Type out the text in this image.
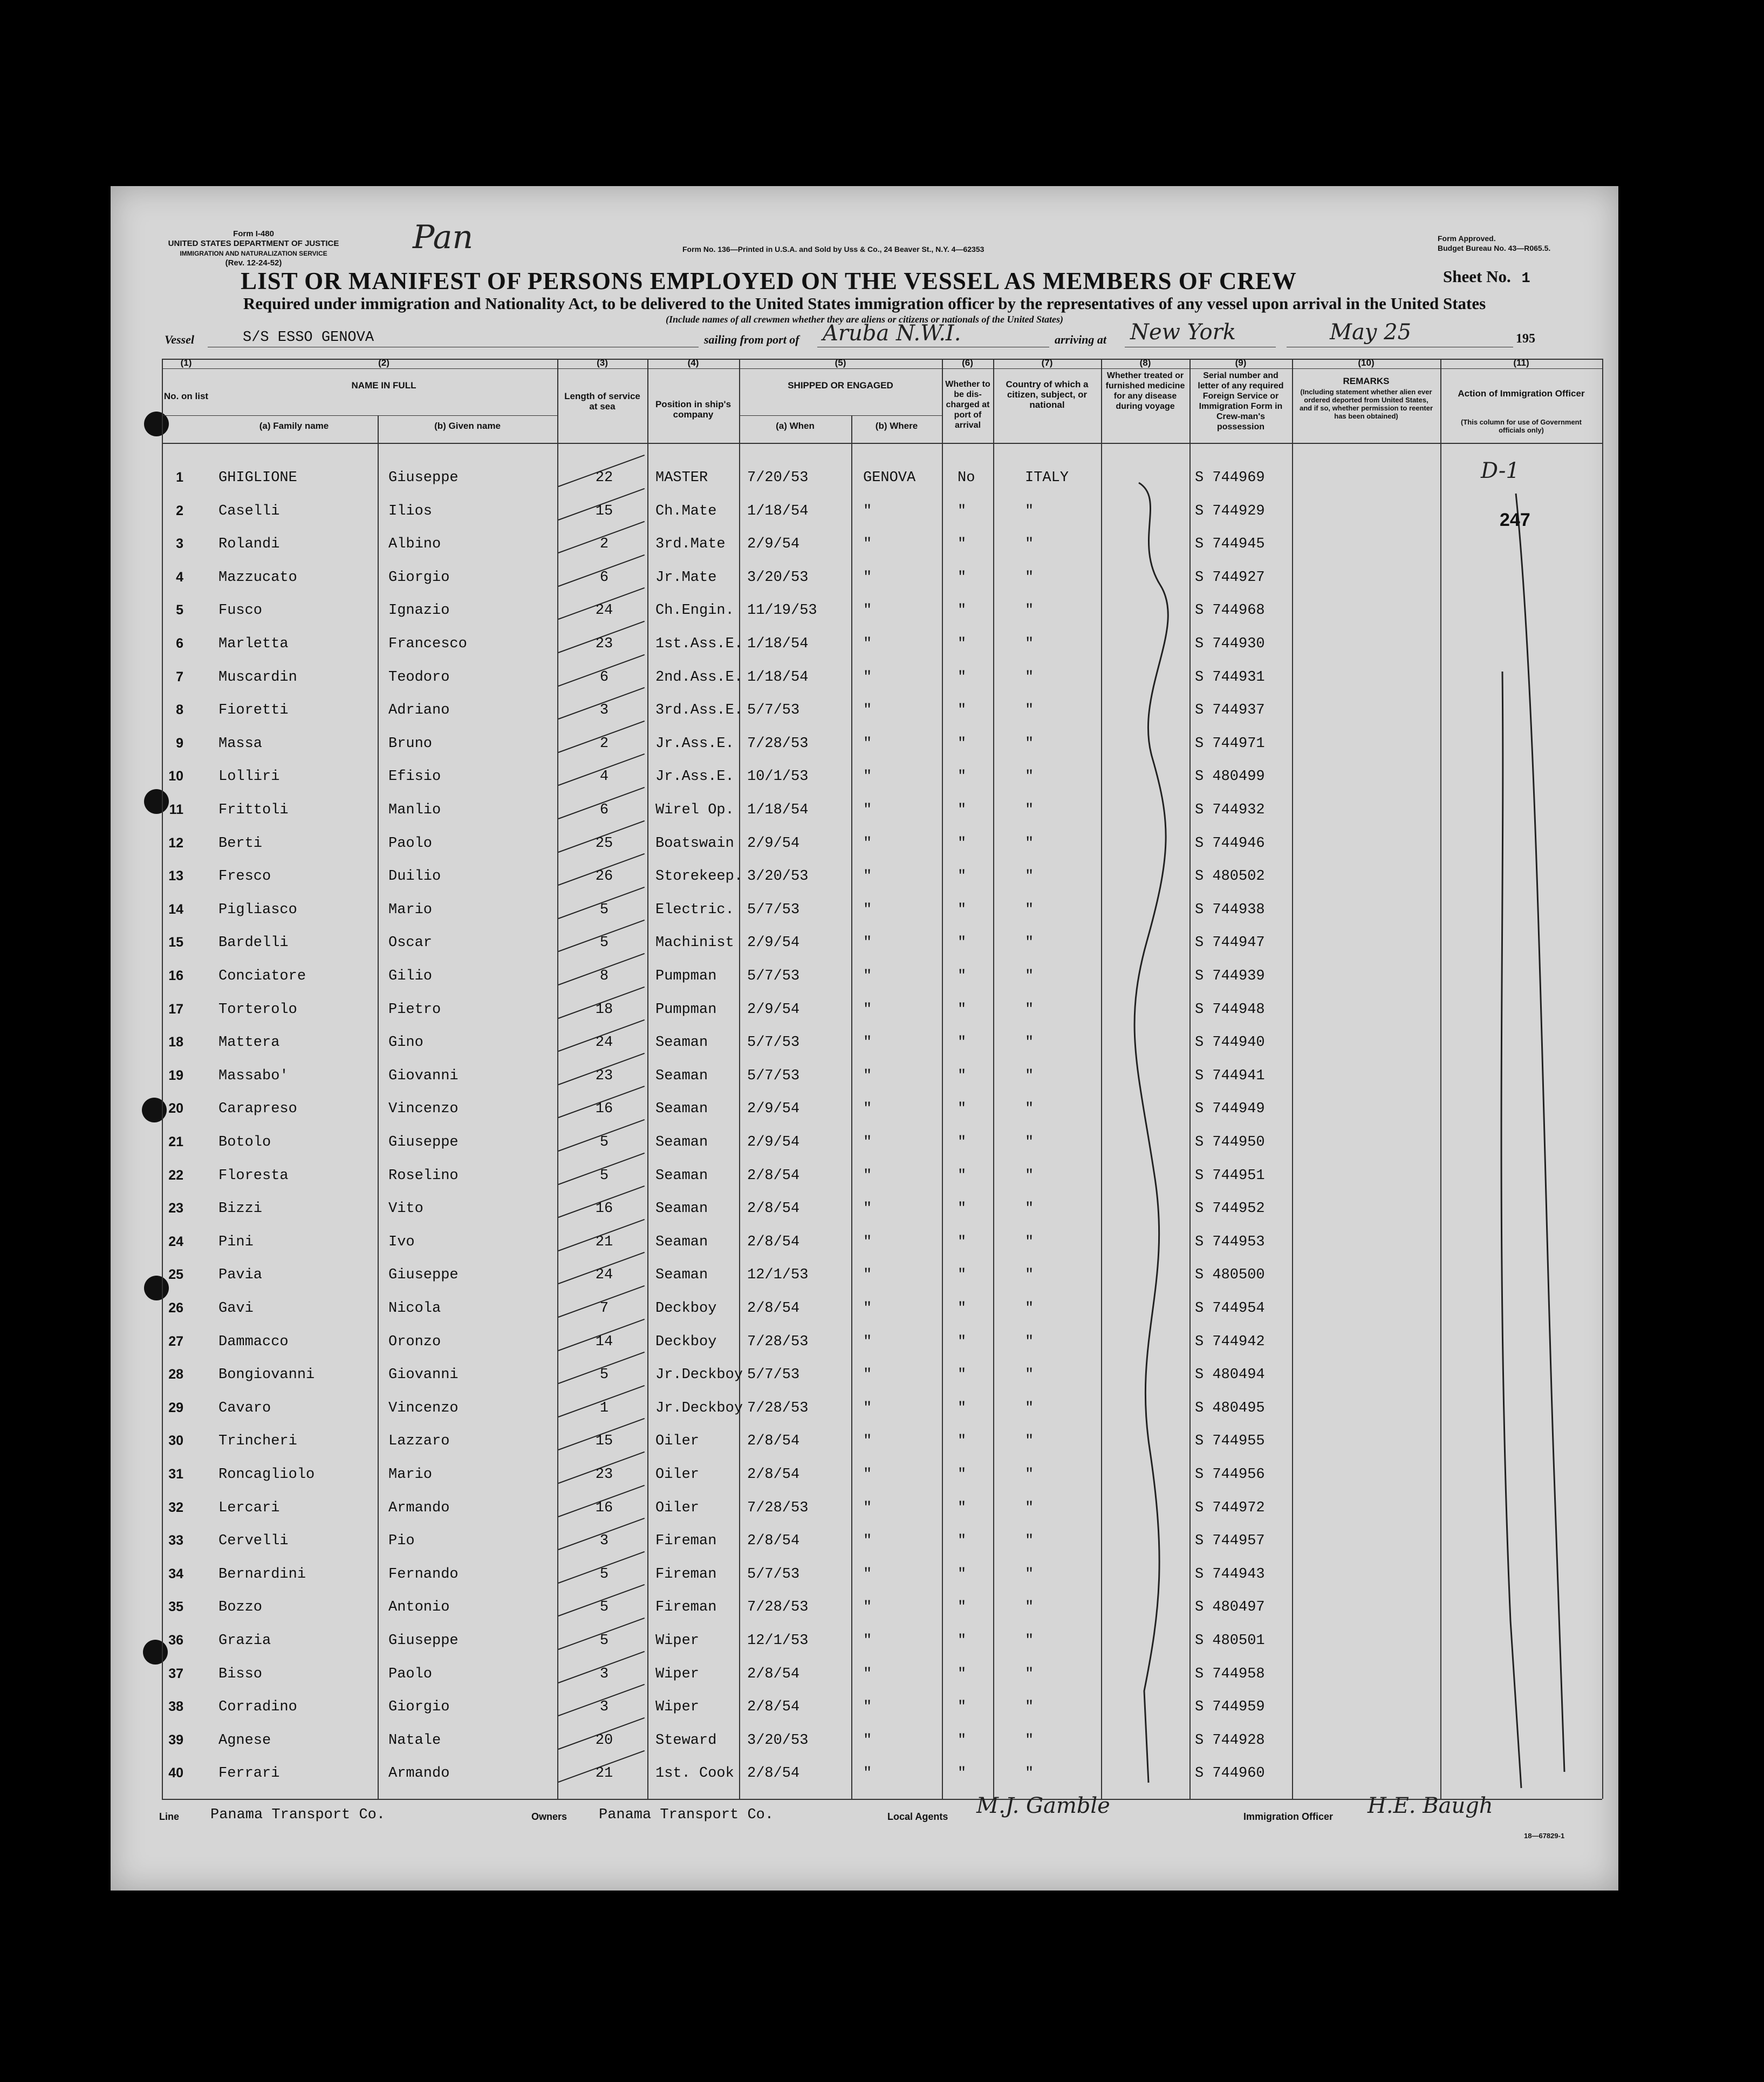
Form I-480
UNITED STATES DEPARTMENT OF JUSTICE
IMMIGRATION AND NATURALIZATION SERVICE
(Rev. 12-24-52)
Pan	Form No. 136—Printed in U.S.A. and Sold by Uss & Co., 24 Beaver St., N.Y. 4—62353
Form Approved.
Budget Bureau No. 43—R065.5.
LIST OR MANIFEST OF PERSONS EMPLOYED ON THE VESSEL AS MEMBERS OF CREW	Sheet No. 1
Required under immigration and Nationality Act, to be delivered to the United States immigration officer by the representatives of any vessel upon arrival in the United States
(Include names of all crewmen whether they are aliens or citizens or nationals of the United States)
Vessel	S/S ESSO GENOVA	sailing from port of Aruba N.W.I.	arriving at New York	May 25	195
(1)
No. on list
(2)
NAME IN FULL
(a) Family name	(b) Given name
(3)
Length of service at sea
(4)
Position in ship's company
(5)
SHIPPED OR ENGAGED
(a) When	(b) Where
(6)
Whether to be dis-charged at port of arrival
(7)
Country of which a citizen, subject, or national
(8)
Whether treated or furnished medicine for any disease during voyage
(9)
Serial number and letter of any required Foreign Service or Immigration Form in Crew-man's possession
(10)
REMARKS
(Including statement whether alien ever ordered deported from United States, and if so, whether permission to reenter has been obtained)
(11)
Action of Immigration Officer
(This column for use of Government officials only)
1 GHIGLIONE	Giuseppe	22	MASTER	7/20/53	GENOVA	No	ITALY	S 744969
2 Caselli	Ilios	15	Ch.Mate 1/18/54	"	"	"	S 744929
3 Rolandi	Albino	2	3rd.Mate 2/9/54	"	"	"	S 744945
4 Mazzucato	Giorgio	6	Jr.Mate 3/20/53	"	"	"	S 744927
5 Fusco	Ignazio	24	Ch.Engin. 11/19/53	"	"	"	S 744968
6 Marletta	Francesco	23	1st.Ass.E. 1/18/54	"	"	"	S 744930
7 Muscardin	Teodoro	6	2nd.Ass.E. 1/18/54	"	"	"	S 744931
8 Fioretti	Adriano	3	3rd.Ass.E. 5/7/53	"	"	"	S 744937
9 Massa	Bruno	2	Jr.Ass.E. 7/28/53	"	"	"	S 744971
10 Lolliri	Efisio	4	Jr.Ass.E. 10/1/53	"	"	"	S 480499
11 Frittoli	Manlio	6	Wirel Op. 1/18/54	"	"	"	S 744932
12 Berti	Paolo	25	Boatswain 2/9/54	"	"	"	S 744946
13 Fresco	Duilio	26	Storekeep. 3/20/53	"	"	"	S 480502
14 Pigliasco	Mario	5	Electric. 5/7/53	"	"	"	S 744938
15 Bardelli	Oscar	5	Machinist 2/9/54	"	"	"	S 744947
16 Conciatore	Gilio	8	Pumpman 5/7/53	"	"	"	S 744939
17 Torterolo	Pietro	18	Pumpman 2/9/54	"	"	"	S 744948
18 Mattera	Gino	24	Seaman	5/7/53	"	"	"	S 744940
19 Massabo'	Giovanni	23	Seaman	5/7/53	"	"	"	S 744941
20 Carapreso	Vincenzo	16	Seaman	2/9/54	"	"	"	S 744949
21 Botolo	Giuseppe	5	Seaman	2/9/54	"	"	"	S 744950
22 Floresta	Roselino	5	Seaman	2/8/54	"	"	"	S 744951
23 Bizzi	Vito	16	Seaman	2/8/54	"	"	"	S 744952
24 Pini	Ivo	21	Seaman	2/8/54	"	"	"	S 744953
25 Pavia	Giuseppe	24	Seaman	12/1/53	"	"	"	S 480500
26 Gavi	Nicola	7	Deckboy 2/8/54	"	"	"	S 744954
27 Dammacco	Oronzo	14	Deckboy 7/28/53	"	"	"	S 744942
28 Bongiovanni	Giovanni	5	Jr.Deckboy 5/7/53	"	"	"	S 480494
29 Cavaro	Vincenzo	1	Jr.Deckboy 7/28/53	"	"	"	S 480495
30 Trincheri	Lazzaro	15	Oiler	2/8/54	"	"	"	S 744955
31 Roncagliolo	Mario	23	Oiler	2/8/54	"	"	"	S 744956
32 Lercari	Armando	16	Oiler	7/28/53	"	"	"	S 744972
33 Cervelli	Pio	3	Fireman 2/8/54	"	"	"	S 744957
34 Bernardini	Fernando	5	Fireman 5/7/53	"	"	"	S 744943
35 Bozzo	Antonio	5	Fireman 7/28/53	"	"	"	S 480497
36 Grazia	Giuseppe	5	Wiper	12/1/53	"	"	"	S 480501
37 Bisso	Paolo	3	Wiper	2/8/54	"	"	"	S 744958
38 Corradino	Giorgio	3	Wiper	2/8/54	"	"	"	S 744959
39 Agnese	Natale	20	Steward 3/20/53	"	"	"	S 744928
40 Ferrari	Armando	21	1st. Cook 2/8/54	"	"	"	S 744960
D-1
247
Line Panama Transport Co.	Owners Panama Transport Co.	Local Agents M.J. Gamble	Immigration Officer H.E. Baugh
18—67829-1
